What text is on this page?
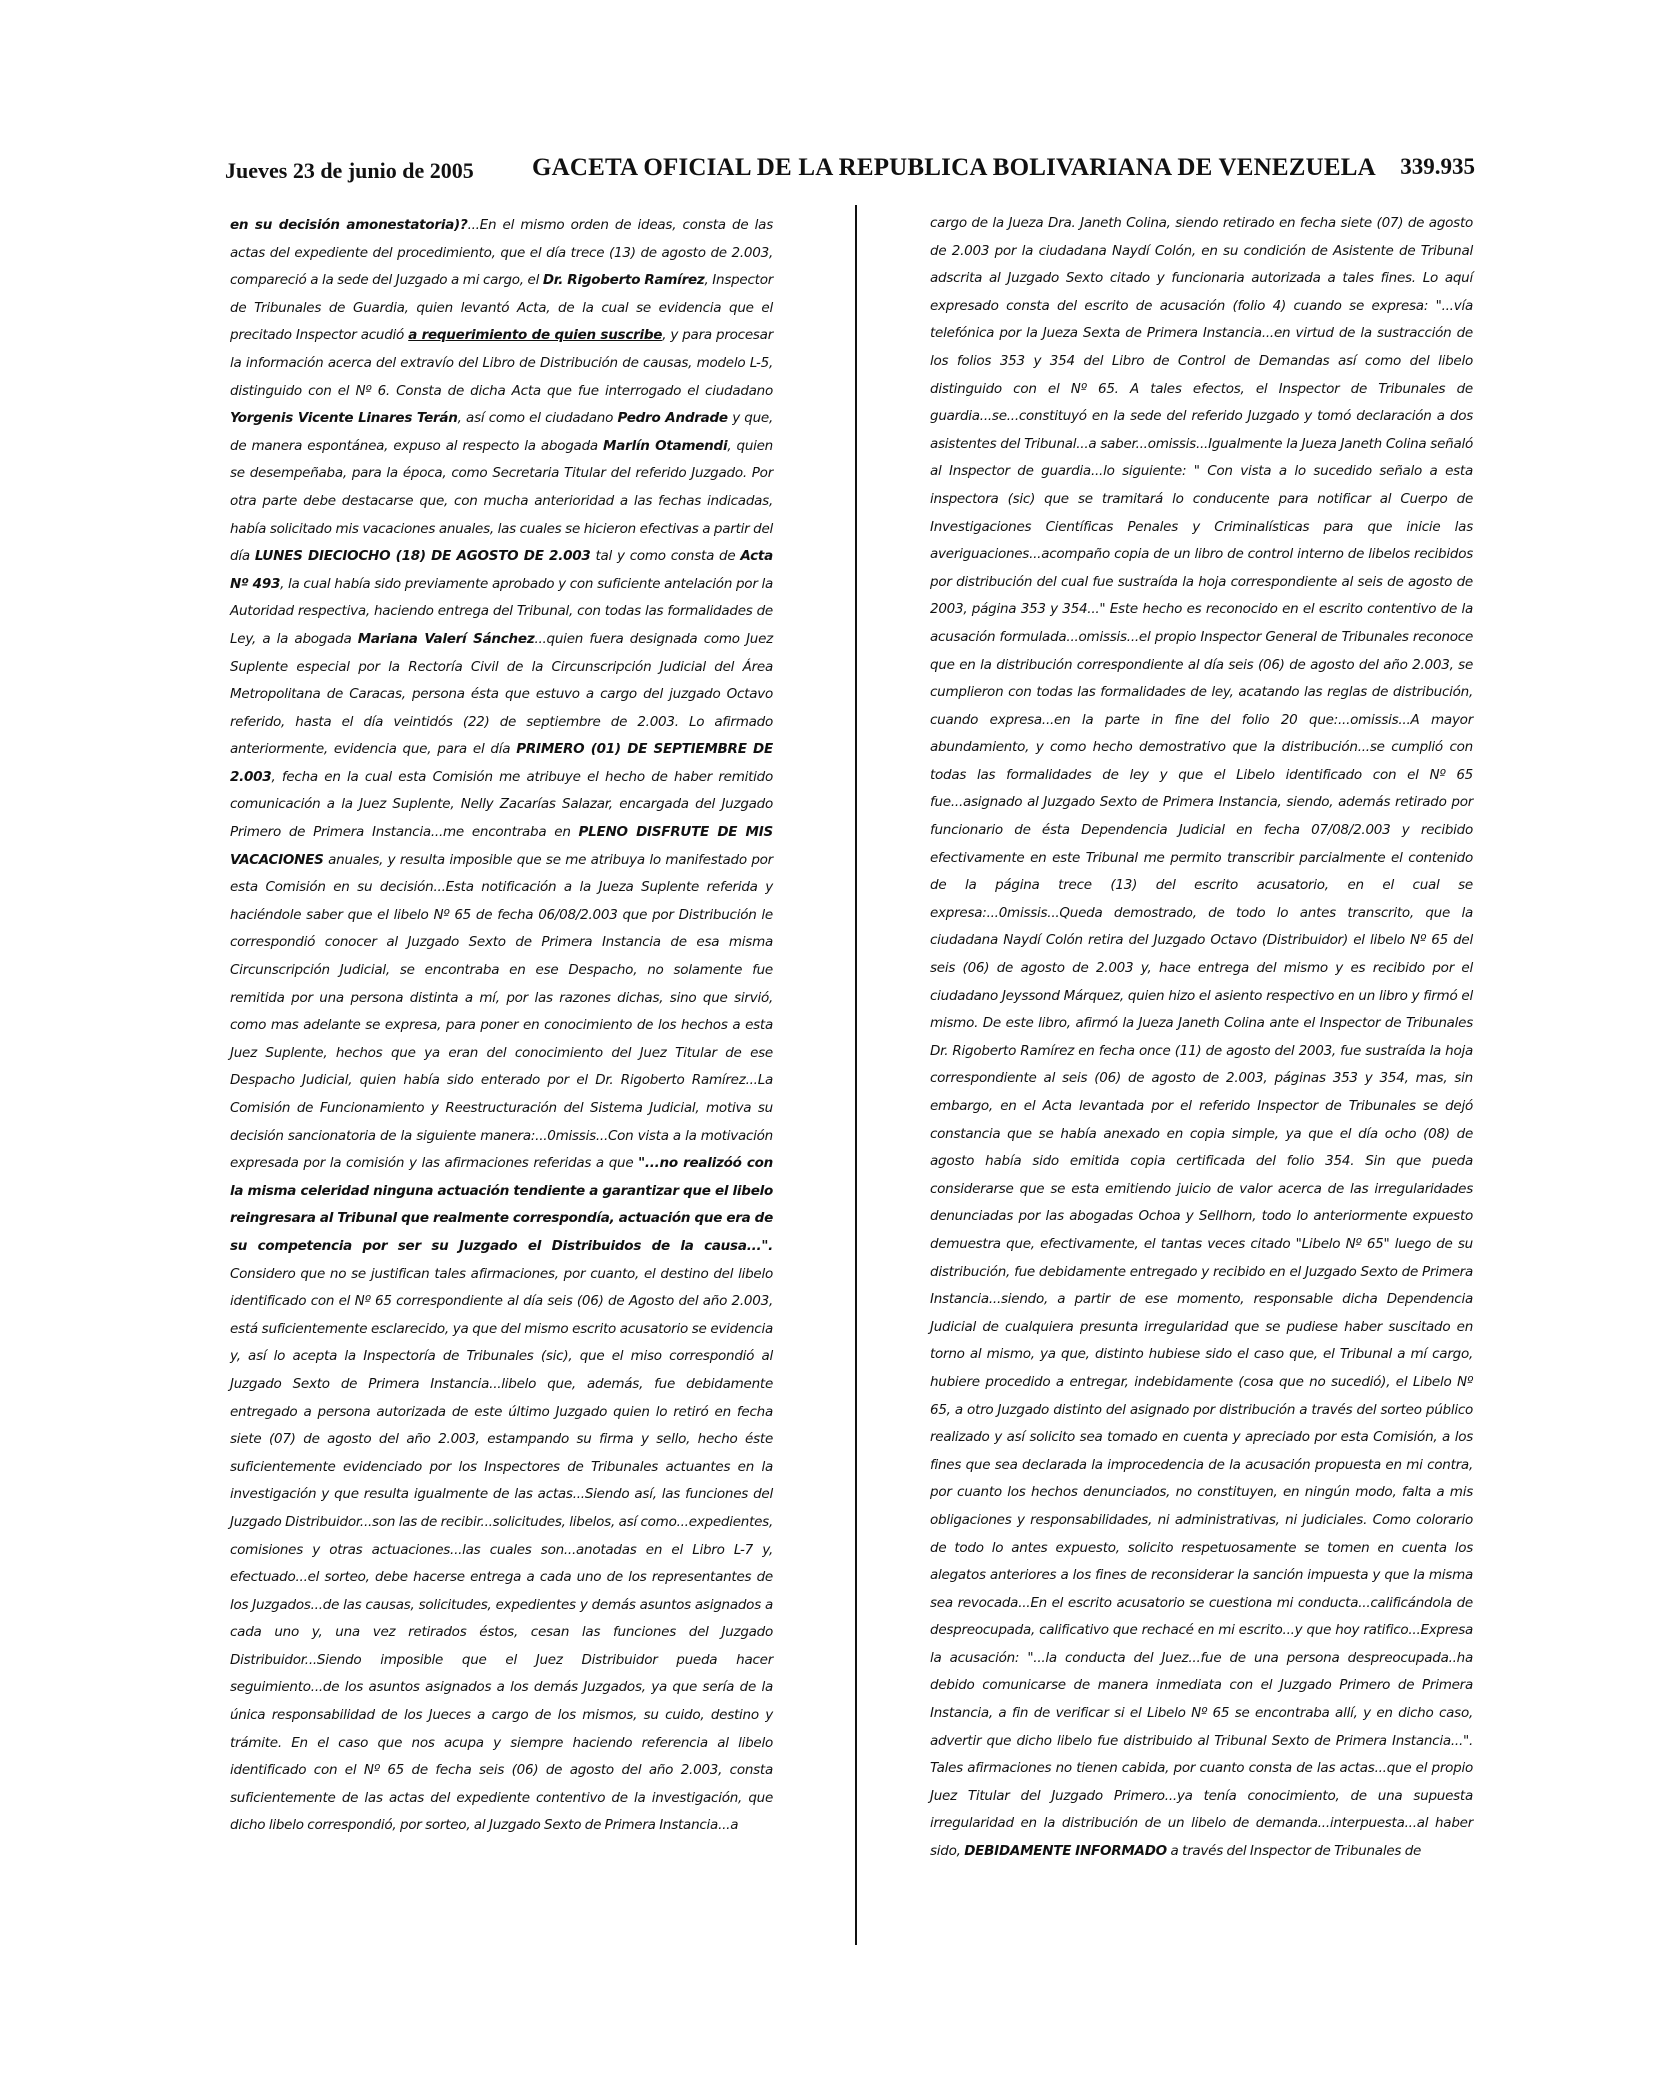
Jueves 23 de junio de 2005 GACETA OFICIAL DE LA REPUBLICA BOLIVARIANA DE VENEZUELA 339.935
en su decisión amonestatoria)?...En el mismo orden de ideas, consta de las actas del expediente del procedimiento, que el día trece (13) de agosto de 2.003, compareció a la sede del Juzgado a mi cargo, el Dr. Rigoberto Ramírez, Inspector de Tribunales de Guardia, quien levantó Acta, de la cual se evidencia que el precitado Inspector acudió a requerimiento de quien suscribe, y para procesar la información acerca del extravío del Libro de Distribución de causas, modelo L-5, distinguido con el Nº 6. Consta de dicha Acta que fue interrogado el ciudadano Yorgenis Vicente Linares Terán, así como el ciudadano Pedro Andrade y que, de manera espontánea, expuso al respecto la abogada Marlín Otamendi, quien se desempeñaba, para la época, como Secretaria Titular del referido Juzgado. Por otra parte debe destacarse que, con mucha anterioridad a las fechas indicadas, había solicitado mis vacaciones anuales, las cuales se hicieron efectivas a partir del día LUNES DIECIOCHO (18) DE AGOSTO DE 2.003 tal y como consta de Acta Nº 493, la cual había sido previamente aprobado y con suficiente antelación por la Autoridad respectiva, haciendo entrega del Tribunal, con todas las formalidades de Ley, a la abogada Mariana Valerí Sánchez...quien fuera designada como Juez Suplente especial por la Rectoría Civil de la Circunscripción Judicial del Área Metropolitana de Caracas, persona ésta que estuvo a cargo del juzgado Octavo referido, hasta el día veintidós (22) de septiembre de 2.003. Lo afirmado anteriormente, evidencia que, para el día PRIMERO (01) DE SEPTIEMBRE DE 2.003, fecha en la cual esta Comisión me atribuye el hecho de haber remitido comunicación a la Juez Suplente, Nelly Zacarías Salazar, encargada del Juzgado Primero de Primera Instancia...me encontraba en PLENO DISFRUTE DE MIS VACACIONES anuales, y resulta imposible que se me atribuya lo manifestado por esta Comisión en su decisión...Esta notificación a la Jueza Suplente referida y haciéndole saber que el libelo Nº 65 de fecha 06/08/2.003 que por Distribución le correspondió conocer al Juzgado Sexto de Primera Instancia de esa misma Circunscripción Judicial, se encontraba en ese Despacho, no solamente fue remitida por una persona distinta a mí, por las razones dichas, sino que sirvió, como mas adelante se expresa, para poner en conocimiento de los hechos a esta Juez Suplente, hechos que ya eran del conocimiento del Juez Titular de ese Despacho Judicial, quien había sido enterado por el Dr. Rigoberto Ramírez...La Comisión de Funcionamiento y Reestructuración del Sistema Judicial, motiva su decisión sancionatoria de la siguiente manera:...0missis...Con vista a la motivación expresada por la comisión y las afirmaciones referidas a que "...no realizóó con la misma celeridad ninguna actuación tendiente a garantizar que el libelo reingresara al Tribunal que realmente correspondía, actuación que era de su competencia por ser su Juzgado el Distribuidos de la causa...". Considero que no se justifican tales afirmaciones, por cuanto, el destino del libelo identificado con el Nº 65 correspondiente al día seis (06) de Agosto del año 2.003, está suficientemente esclarecido, ya que del mismo escrito acusatorio se evidencia y, así lo acepta la Inspectoría de Tribunales (sic), que el miso correspondió al Juzgado Sexto de Primera Instancia...libelo que, además, fue debidamente entregado a persona autorizada de este último Juzgado quien lo retiró en fecha siete (07) de agosto del año 2.003, estampando su firma y sello, hecho éste suficientemente evidenciado por los Inspectores de Tribunales actuantes en la investigación y que resulta igualmente de las actas...Siendo así, las funciones del Juzgado Distribuidor...son las de recibir...solicitudes, libelos, así como...expedientes, comisiones y otras actuaciones...las cuales son...anotadas en el Libro L-7 y, efectuado...el sorteo, debe hacerse entrega a cada uno de los representantes de los Juzgados...de las causas, solicitudes, expedientes y demás asuntos asignados a cada uno y, una vez retirados éstos, cesan las funciones del Juzgado Distribuidor...Siendo imposible que el Juez Distribuidor pueda hacer seguimiento...de los asuntos asignados a los demás Juzgados, ya que sería de la única responsabilidad de los Jueces a cargo de los mismos, su cuido, destino y trámite. En el caso que nos acupa y siempre haciendo referencia al libelo identificado con el Nº 65 de fecha seis (06) de agosto del año 2.003, consta suficientemente de las actas del expediente contentivo de la investigación, que dicho libelo correspondió, por sorteo, al Juzgado Sexto de Primera Instancia...a
cargo de la Jueza Dra. Janeth Colina, siendo retirado en fecha siete (07) de agosto de 2.003 por la ciudadana Naydí Colón, en su condición de Asistente de Tribunal adscrita al Juzgado Sexto citado y funcionaria autorizada a tales fines. Lo aquí expresado consta del escrito de acusación (folio 4) cuando se expresa: "...vía telefónica por la Jueza Sexta de Primera Instancia...en virtud de la sustracción de los folios 353 y 354 del Libro de Control de Demandas así como del libelo distinguido con el Nº 65. A tales efectos, el Inspector de Tribunales de guardia...se...constituyó en la sede del referido Juzgado y tomó declaración a dos asistentes del Tribunal...a saber...omissis...Igualmente la Jueza Janeth Colina señaló al Inspector de guardia...lo siguiente: " Con vista a lo sucedido señalo a esta inspectora (sic) que se tramitará lo conducente para notificar al Cuerpo de Investigaciones Científicas Penales y Criminalísticas para que inicie las averiguaciones...acompaño copia de un libro de control interno de libelos recibidos por distribución del cual fue sustraída la hoja correspondiente al seis de agosto de 2003, página 353 y 354..." Este hecho es reconocido en el escrito contentivo de la acusación formulada...omissis...el propio Inspector General de Tribunales reconoce que en la distribución correspondiente al día seis (06) de agosto del año 2.003, se cumplieron con todas las formalidades de ley, acatando las reglas de distribución, cuando expresa...en la parte in fine del folio 20 que:...omissis...A mayor abundamiento, y como hecho demostrativo que la distribución...se cumplió con todas las formalidades de ley y que el Libelo identificado con el Nº 65 fue...asignado al Juzgado Sexto de Primera Instancia, siendo, además retirado por funcionario de ésta Dependencia Judicial en fecha 07/08/2.003 y recibido efectivamente en este Tribunal me permito transcribir parcialmente el contenido de la página trece (13) del escrito acusatorio, en el cual se expresa:...0missis...Queda demostrado, de todo lo antes transcrito, que la ciudadana Naydí Colón retira del Juzgado Octavo (Distribuidor) el libelo Nº 65 del seis (06) de agosto de 2.003 y, hace entrega del mismo y es recibido por el ciudadano Jeyssond Márquez, quien hizo el asiento respectivo en un libro y firmó el mismo. De este libro, afirmó la Jueza Janeth Colina ante el Inspector de Tribunales Dr. Rigoberto Ramírez en fecha once (11) de agosto del 2003, fue sustraída la hoja correspondiente al seis (06) de agosto de 2.003, páginas 353 y 354, mas, sin embargo, en el Acta levantada por el referido Inspector de Tribunales se dejó constancia que se había anexado en copia simple, ya que el día ocho (08) de agosto había sido emitida copia certificada del folio 354. Sin que pueda considerarse que se esta emitiendo juicio de valor acerca de las irregularidades denunciadas por las abogadas Ochoa y Sellhorn, todo lo anteriormente expuesto demuestra que, efectivamente, el tantas veces citado "Libelo Nº 65" luego de su distribución, fue debidamente entregado y recibido en el Juzgado Sexto de Primera Instancia...siendo, a partir de ese momento, responsable dicha Dependencia Judicial de cualquiera presunta irregularidad que se pudiese haber suscitado en torno al mismo, ya que, distinto hubiese sido el caso que, el Tribunal a mí cargo, hubiere procedido a entregar, indebidamente (cosa que no sucedió), el Libelo Nº 65, a otro Juzgado distinto del asignado por distribución a través del sorteo público realizado y así solicito sea tomado en cuenta y apreciado por esta Comisión, a los fines que sea declarada la improcedencia de la acusación propuesta en mi contra, por cuanto los hechos denunciados, no constituyen, en ningún modo, falta a mis obligaciones y responsabilidades, ni administrativas, ni judiciales. Como colorario de todo lo antes expuesto, solicito respetuosamente se tomen en cuenta los alegatos anteriores a los fines de reconsiderar la sanción impuesta y que la misma sea revocada...En el escrito acusatorio se cuestiona mi conducta...calificándola de despreocupada, calificativo que rechacé en mi escrito...y que hoy ratifico...Expresa la acusación: "...la conducta del Juez...fue de una persona despreocupada..ha debido comunicarse de manera inmediata con el Juzgado Primero de Primera Instancia, a fin de verificar si el Libelo Nº 65 se encontraba allí, y en dicho caso, advertir que dicho libelo fue distribuido al Tribunal Sexto de Primera Instancia...". Tales afirmaciones no tienen cabida, por cuanto consta de las actas...que el propio Juez Titular del Juzgado Primero...ya tenía conocimiento, de una supuesta irregularidad en la distribución de un libelo de demanda...interpuesta...al haber sido, DEBIDAMENTE INFORMADO a través del Inspector de Tribunales de
